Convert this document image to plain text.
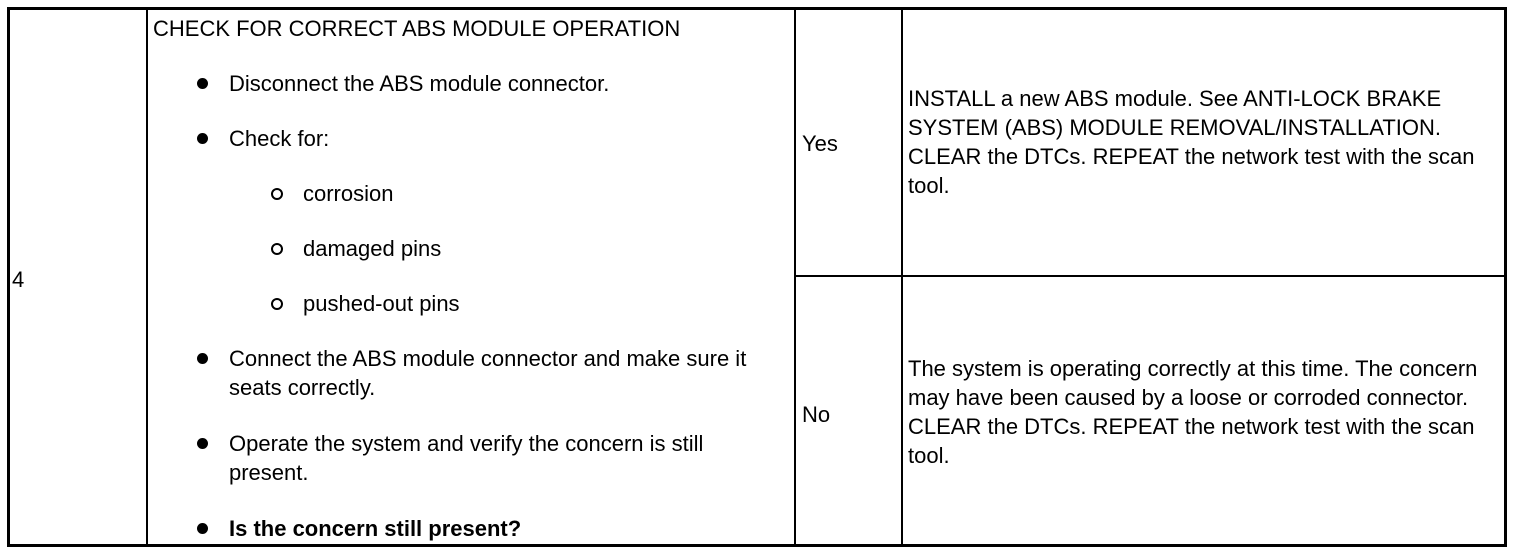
4
CHECK FOR CORRECT ABS MODULE OPERATION
Disconnect the ABS module connector.
Check for:
corrosion
damaged pins
pushed-out pins
Connect the ABS module connector and make sure it seats correctly.
Operate the system and verify the concern is still present.
Is the concern still present?
Yes
INSTALL a new ABS module. See ANTI-LOCK BRAKE SYSTEM (ABS) MODULE REMOVAL/INSTALLATION. CLEAR the DTCs. REPEAT the network test with the scan tool.
No
The system is operating correctly at this time. The concern may have been caused by a loose or corroded connector. CLEAR the DTCs. REPEAT the network test with the scan tool.
